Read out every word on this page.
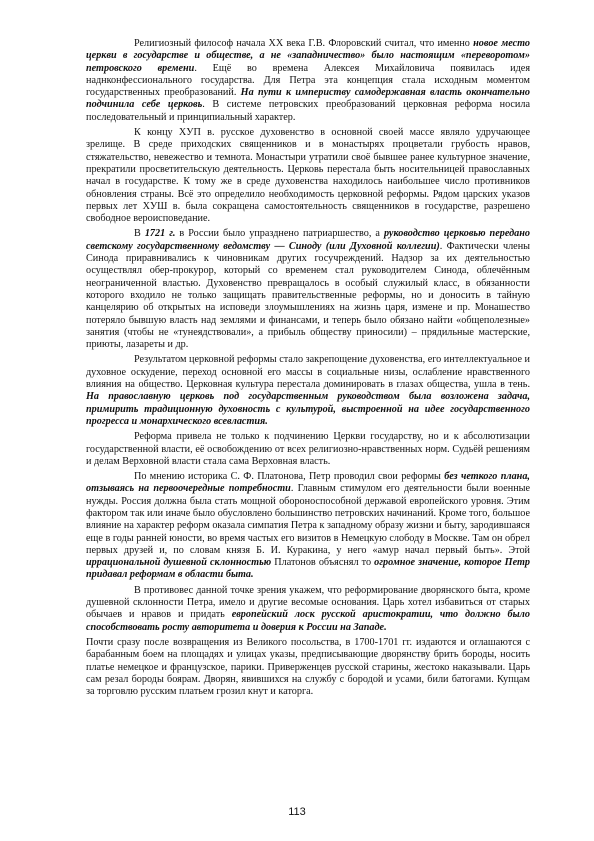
Религиозный философ начала XX века Г.В. Флоровский считал, что именно новое место церкви в государстве и обществе, а не «западничество» было настоящим «переворотом» петровского времени. Ещё во времена Алексея Михайловича появилась идея наднконфессионального государства. Для Петра эта концепция стала исходным моментом государственных преобразований. На пути к империству самодержавная власть окончательно подчинила себе церковь. В системе петровских преобразований церковная реформа носила последовательный и принципиальный характер.

К концу ХУП в. русское духовенство в основной своей массе являло удручающее зрелище. В среде приходских священников и в монастырях процветали грубость нравов, стяжательство, невежество и темнота. Монастыри утратили своё бывшее ранее культурное значение, прекратили просветительскую деятельность. Церковь перестала быть носительницей православных начал в государстве. К тому же в среде духовенства находилось наибольшее число противников обновления страны. Всё это определило необходимость церковной реформы. Рядом царских указов первых лет ХУШ в. была сокращена самостоятельность священников в государстве, разрешено свободное вероисповедание.

В 1721 г. в России было упразднено патриаршество, а руководство церковью передано светскому государственному ведомству — Синоду (или Духовной коллегии). Фактически члены Синода приравнивались к чиновникам других госучреждений. Надзор за их деятельностью осуществлял обер-прокурор, который со временем стал руководителем Синода, облечённым неограниченной властью. Духовенство превращалось в особый служилый класс, в обязанности которого входило не только защищать правительственные реформы, но и доносить в тайную канцелярию об открытых на исповеди злоумышлениях на жизнь царя, измене и пр. Монашество потеряло бывшую власть над землями и финансами, и теперь было обязано найти «общеполезные» занятия (чтобы не «тунеядствовали», а прибыль обществу приносили) – прядильные мастерские, приюты, лазареты и др.

Результатом церковной реформы стало закрепощение духовенства, его интеллектуальное и духовное оскудение, переход основной его массы в социальные низы, ослабление нравственного влияния на общество. Церковная культура перестала доминировать в глазах общества, ушла в тень. На православную церковь под государственным руководством была возложена задача, примирить традиционную духовность с культурой, выстроенной на идее государственного прогресса и монархического всевластия.

Реформа привела не только к подчинению Церкви государству, но и к абсолютизации государственной власти, её освобождению от всех религиозно-нравственных норм. Судьёй решениям и делам Верховной власти стала сама Верховная власть.

По мнению историка С. Ф. Платонова, Петр проводил свои реформы без четкого плана, отзываясь на первоочередные потребности. Главным стимулом его деятельности были военные нужды. Россия должна была стать мощной обороноспособной державой европейского уровня. Этим фактором так или иначе было обусловлено большинство петровских начинаний. Кроме того, большое влияние на характер реформ оказала симпатия Петра к западному образу жизни и быту, зародившаяся еще в годы ранней юности, во время частых его визитов в Немецкую слободу в Москве. Там он обрел первых друзей и, по словам князя Б. И. Куракина, у него «амур начал первый быть». Этой иррациональной душевной склонностью Платонов объяснял то огромное значение, которое Петр придавал реформам в области быта.

В противовес данной точке зрения укажем, что реформирование дворянского быта, кроме душевной склонности Петра, имело и другие весомые основания. Царь хотел избавиться от старых обычаев и нравов и придать европейский лоск русской аристократии, что должно было способствовать росту авторитета и доверия к России на Западе.

Почти сразу после возвращения из Великого посольства, в 1700-1701 гг. издаются и оглашаются с барабанным боем на площадях и улицах указы, предписывающие дворянству брить бороды, носить платье немецкое и французское, парики. Приверженцев русской старины, жестоко наказывали. Царь сам резал бороды боярам. Дворян, явившихся на службу с бородой и усами, били батогами. Купцам за торговлю русским платьем грозил кнут и каторга.

113
